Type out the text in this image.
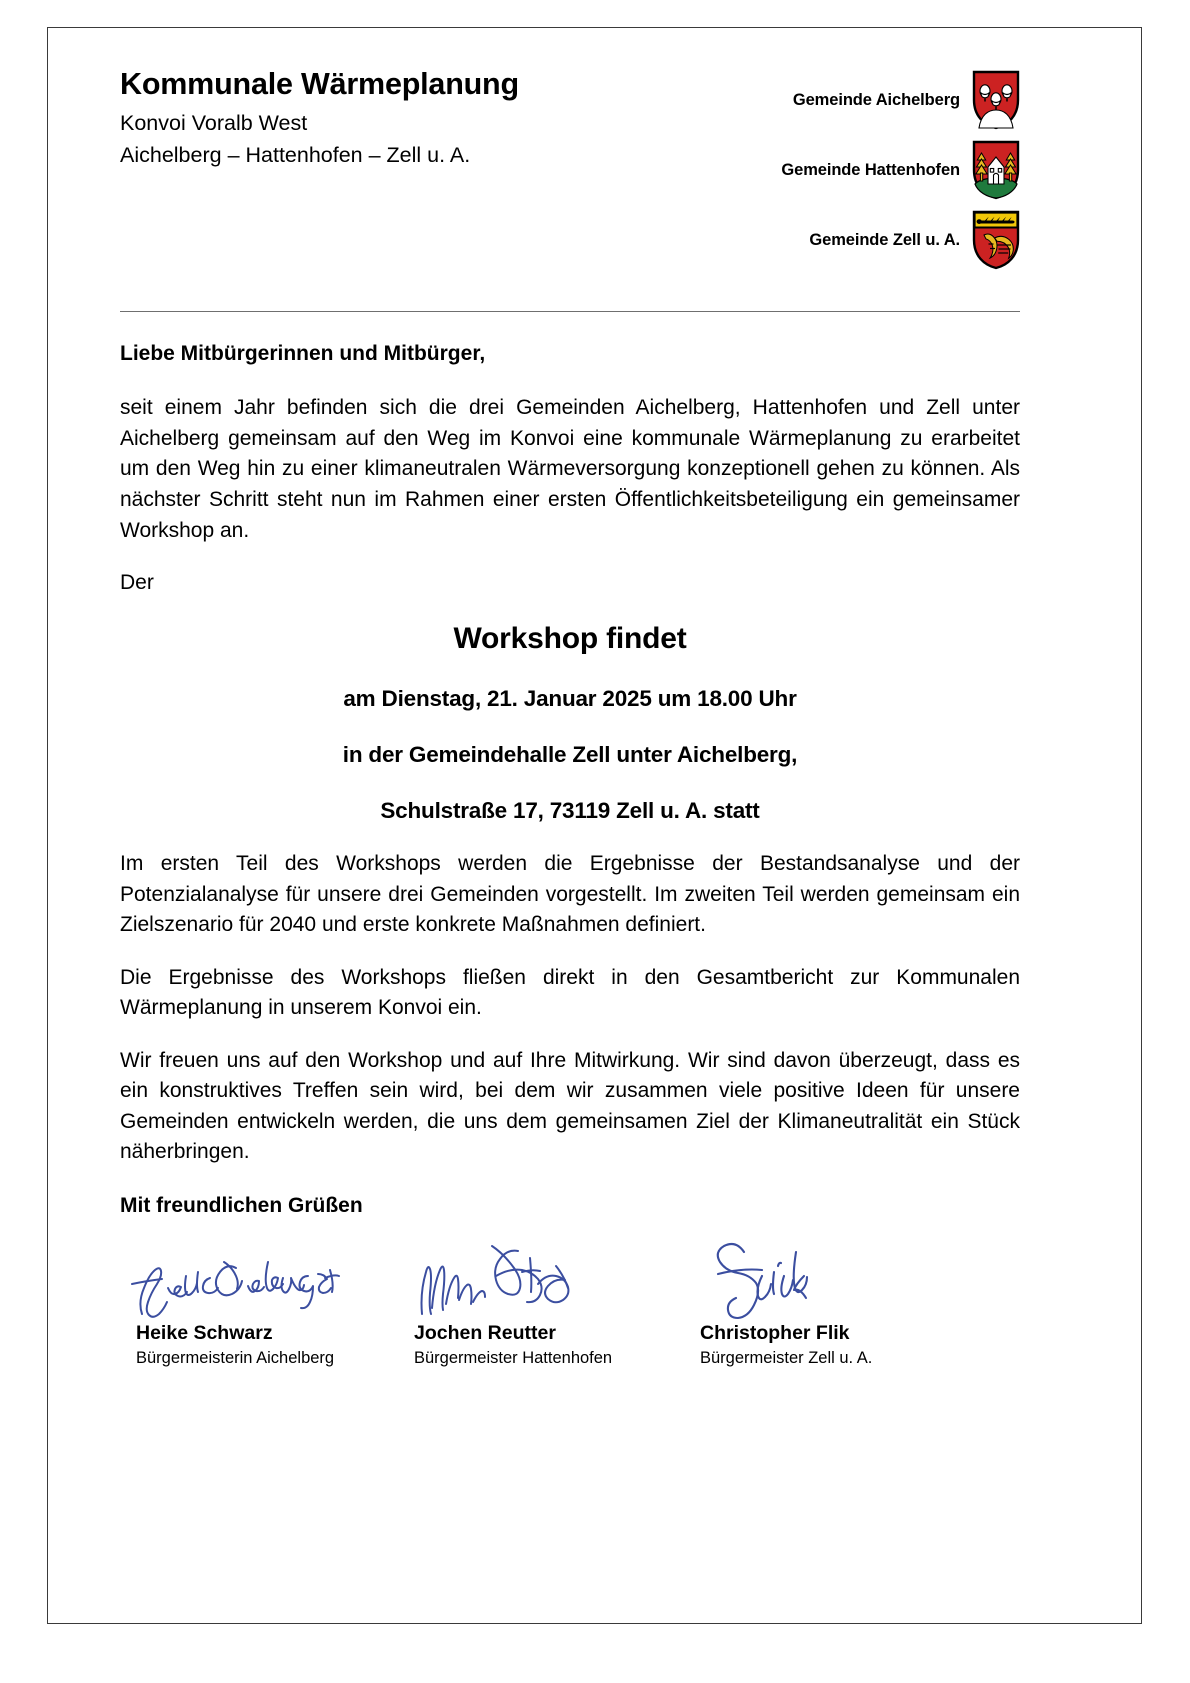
Kommunale Wärmeplanung
Konvoi Voralb West
Aichelberg – Hattenhofen – Zell u. A.
Gemeinde Aichelberg
Gemeinde Hattenhofen
Gemeinde Zell u. A.

Liebe Mitbürgerinnen und Mitbürger,

seit einem Jahr befinden sich die drei Gemeinden Aichelberg, Hattenhofen und Zell unter Aichelberg gemeinsam auf den Weg im Konvoi eine kommunale Wärmeplanung zu erarbeitet um den Weg hin zu einer klimaneutralen Wärmeversorgung konzeptionell gehen zu können. Als nächster Schritt steht nun im Rahmen einer ersten Öffentlichkeitsbeteiligung ein gemeinsamer Workshop an.

Der

Workshop findet
am Dienstag, 21. Januar 2025 um 18.00 Uhr
in der Gemeindehalle Zell unter Aichelberg,
Schulstraße 17, 73119 Zell u. A. statt

Im ersten Teil des Workshops werden die Ergebnisse der Bestandsanalyse und der Potenzialanalyse für unsere drei Gemeinden vorgestellt. Im zweiten Teil werden gemeinsam ein Zielszenario für 2040 und erste konkrete Maßnahmen definiert.

Die Ergebnisse des Workshops fließen direkt in den Gesamtbericht zur Kommunalen Wärmeplanung in unserem Konvoi ein.

Wir freuen uns auf den Workshop und auf Ihre Mitwirkung. Wir sind davon überzeugt, dass es ein konstruktives Treffen sein wird, bei dem wir zusammen viele positive Ideen für unsere Gemeinden entwickeln werden, die uns dem gemeinsamen Ziel der Klimaneutralität ein Stück näherbringen.

Mit freundlichen Grüßen

Heike Schwarz
Bürgermeisterin Aichelberg
Jochen Reutter
Bürgermeister Hattenhofen
Christopher Flik
Bürgermeister Zell u. A.
